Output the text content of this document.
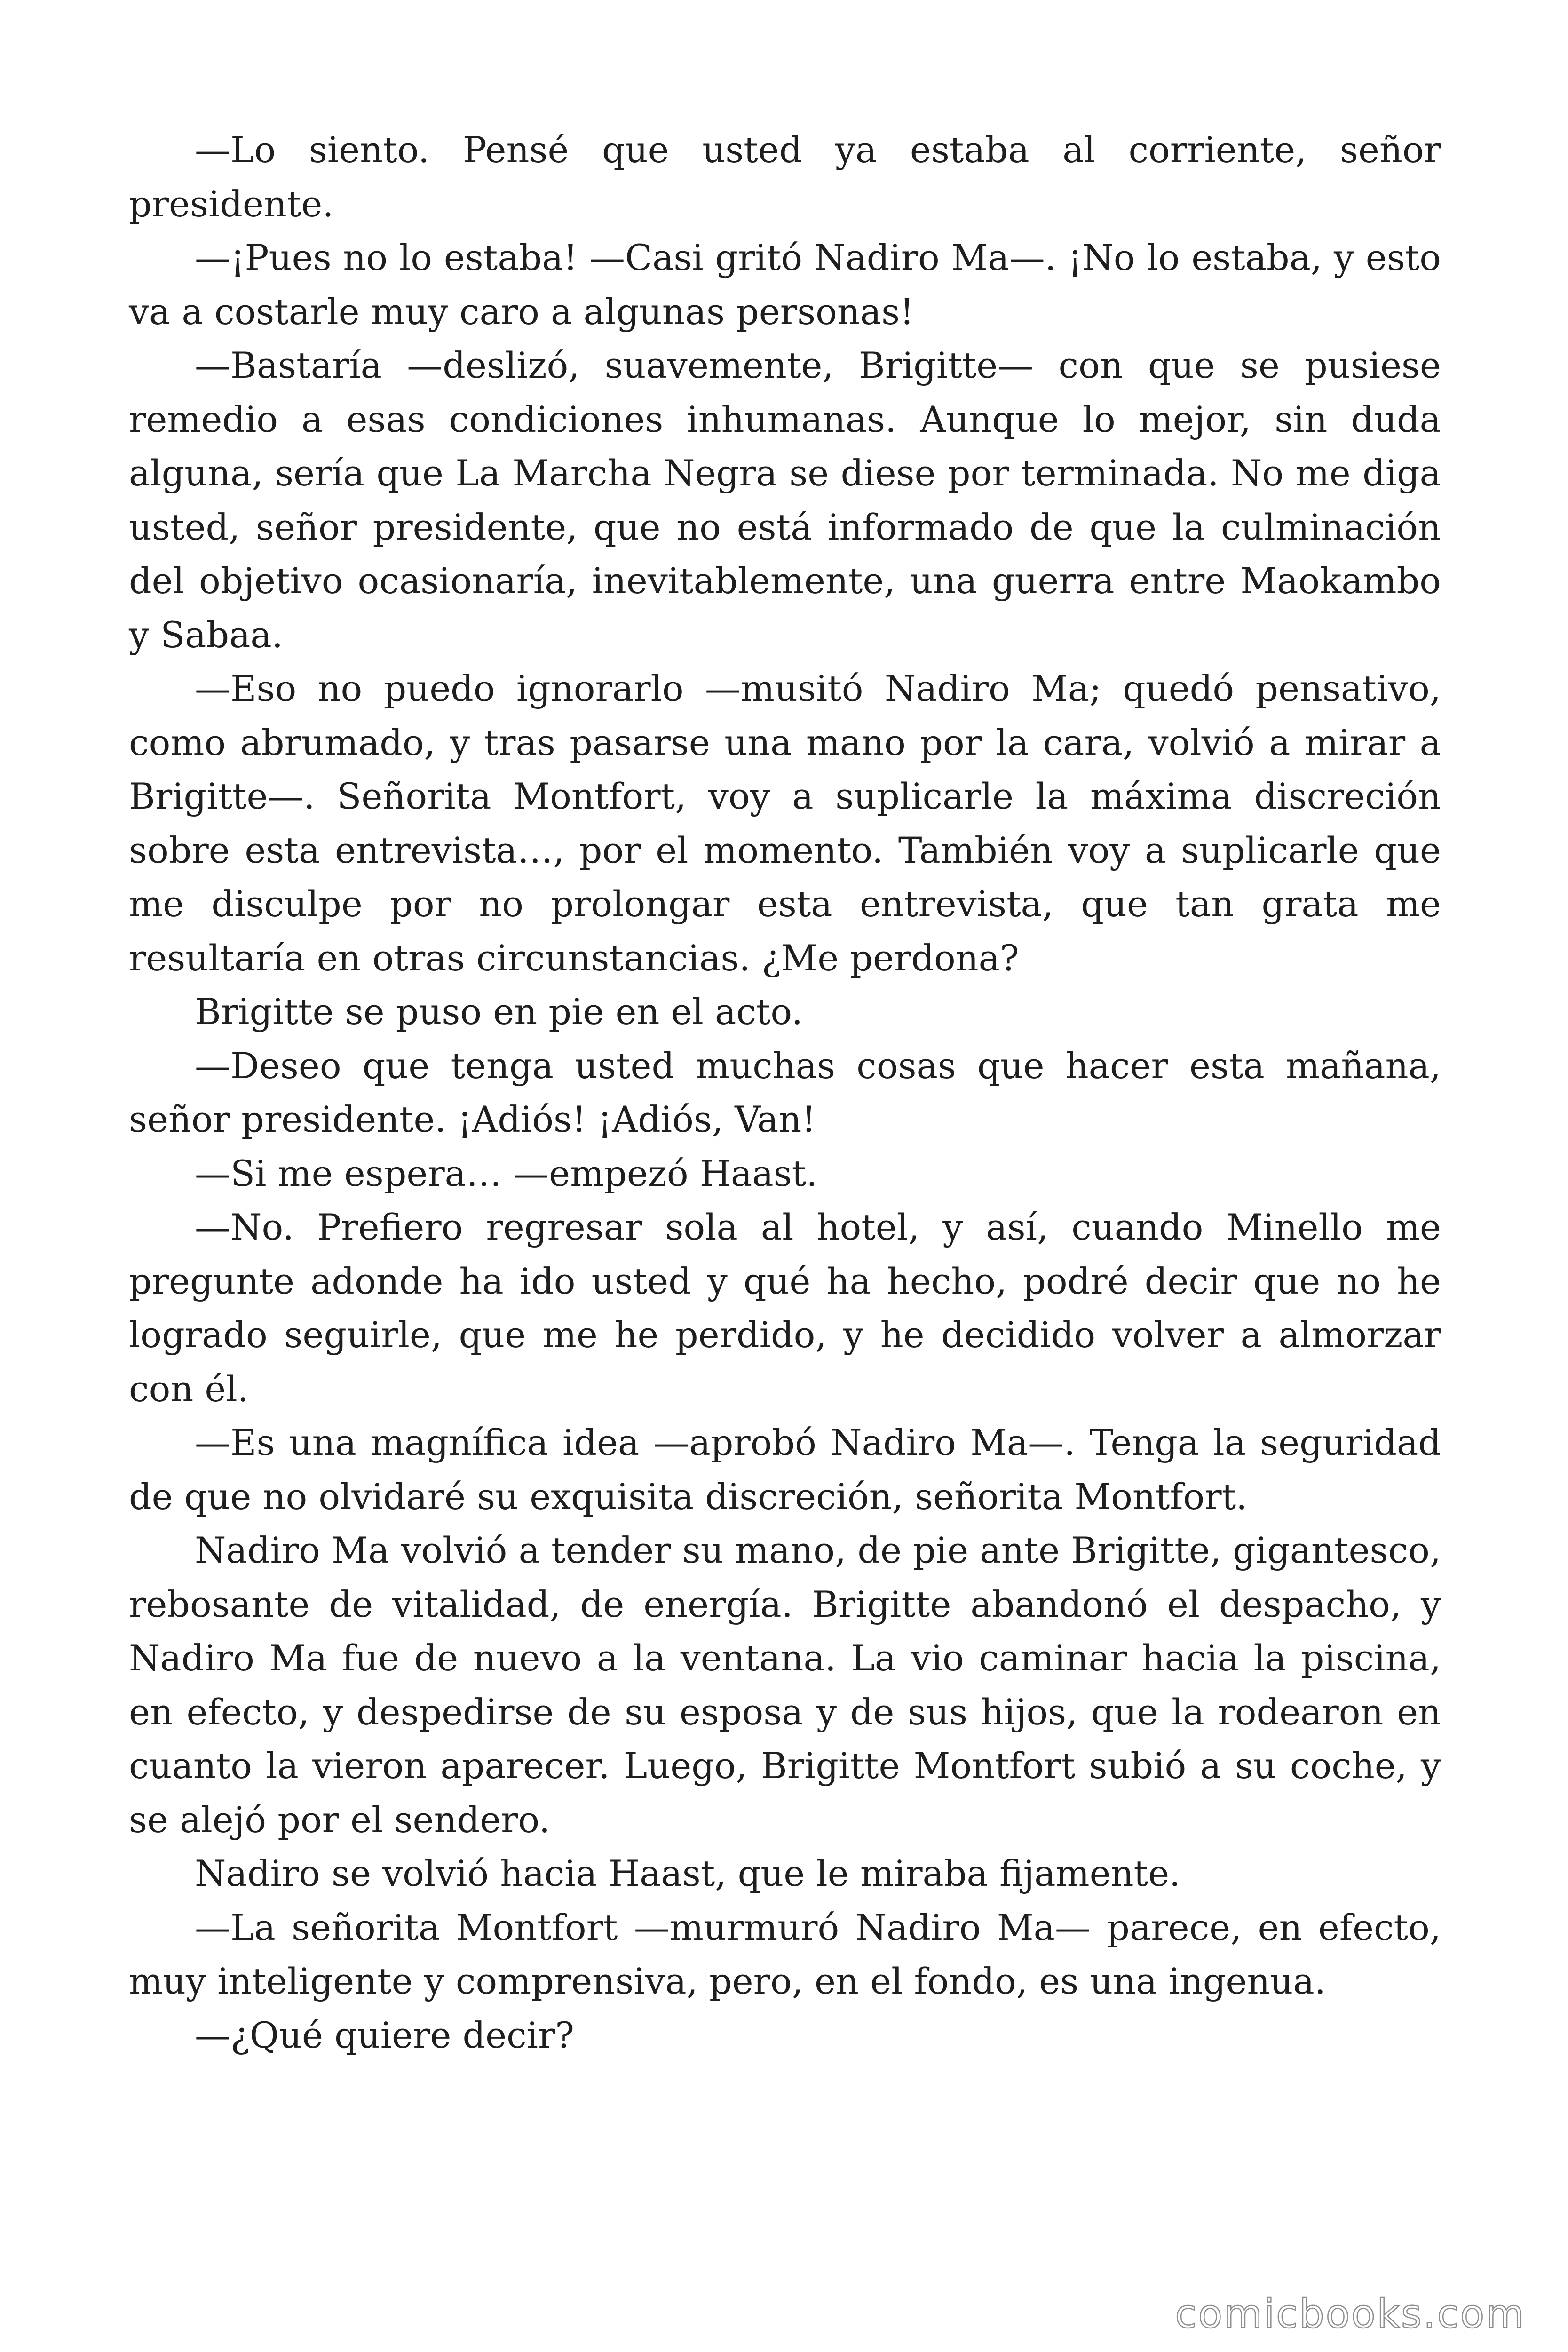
—Lo siento. Pensé que usted ya estaba al corriente, señor presidente.

—¡Pues no lo estaba! —Casi gritó Nadiro Ma—. ¡No lo estaba, y esto va a costarle muy caro a algunas personas!

—Bastaría —deslizó, suavemente, Brigitte— con que se pusiese remedio a esas condiciones inhumanas. Aunque lo mejor, sin duda alguna, sería que La Marcha Negra se diese por terminada. No me diga usted, señor presidente, que no está informado de que la culminación del objetivo ocasionaría, inevitablemente, una guerra entre Maokambo y Sabaa.

—Eso no puedo ignorarlo —musitó Nadiro Ma; quedó pensativo, como abrumado, y tras pasarse una mano por la cara, volvió a mirar a Brigitte—. Señorita Montfort, voy a suplicarle la máxima discreción sobre esta entrevista…, por el momento. También voy a suplicarle que me disculpe por no prolongar esta entrevista, que tan grata me resultaría en otras circunstancias. ¿Me perdona?

Brigitte se puso en pie en el acto.

—Deseo que tenga usted muchas cosas que hacer esta mañana, señor presidente. ¡Adiós! ¡Adiós, Van!

—Si me espera… —empezó Haast.

—No. Prefiero regresar sola al hotel, y así, cuando Minello me pregunte adonde ha ido usted y qué ha hecho, podré decir que no he logrado seguirle, que me he perdido, y he decidido volver a almorzar con él.

—Es una magnífica idea —aprobó Nadiro Ma—. Tenga la seguridad de que no olvidaré su exquisita discreción, señorita Montfort.

Nadiro Ma volvió a tender su mano, de pie ante Brigitte, gigantesco, rebosante de vitalidad, de energía. Brigitte abandonó el despacho, y Nadiro Ma fue de nuevo a la ventana. La vio caminar hacia la piscina, en efecto, y despedirse de su esposa y de sus hijos, que la rodearon en cuanto la vieron aparecer. Luego, Brigitte Montfort subió a su coche, y se alejó por el sendero.

Nadiro se volvió hacia Haast, que le miraba fijamente.

—La señorita Montfort —murmuró Nadiro Ma— parece, en efecto, muy inteligente y comprensiva, pero, en el fondo, es una ingenua.

—¿Qué quiere decir?

comicbooks.com
